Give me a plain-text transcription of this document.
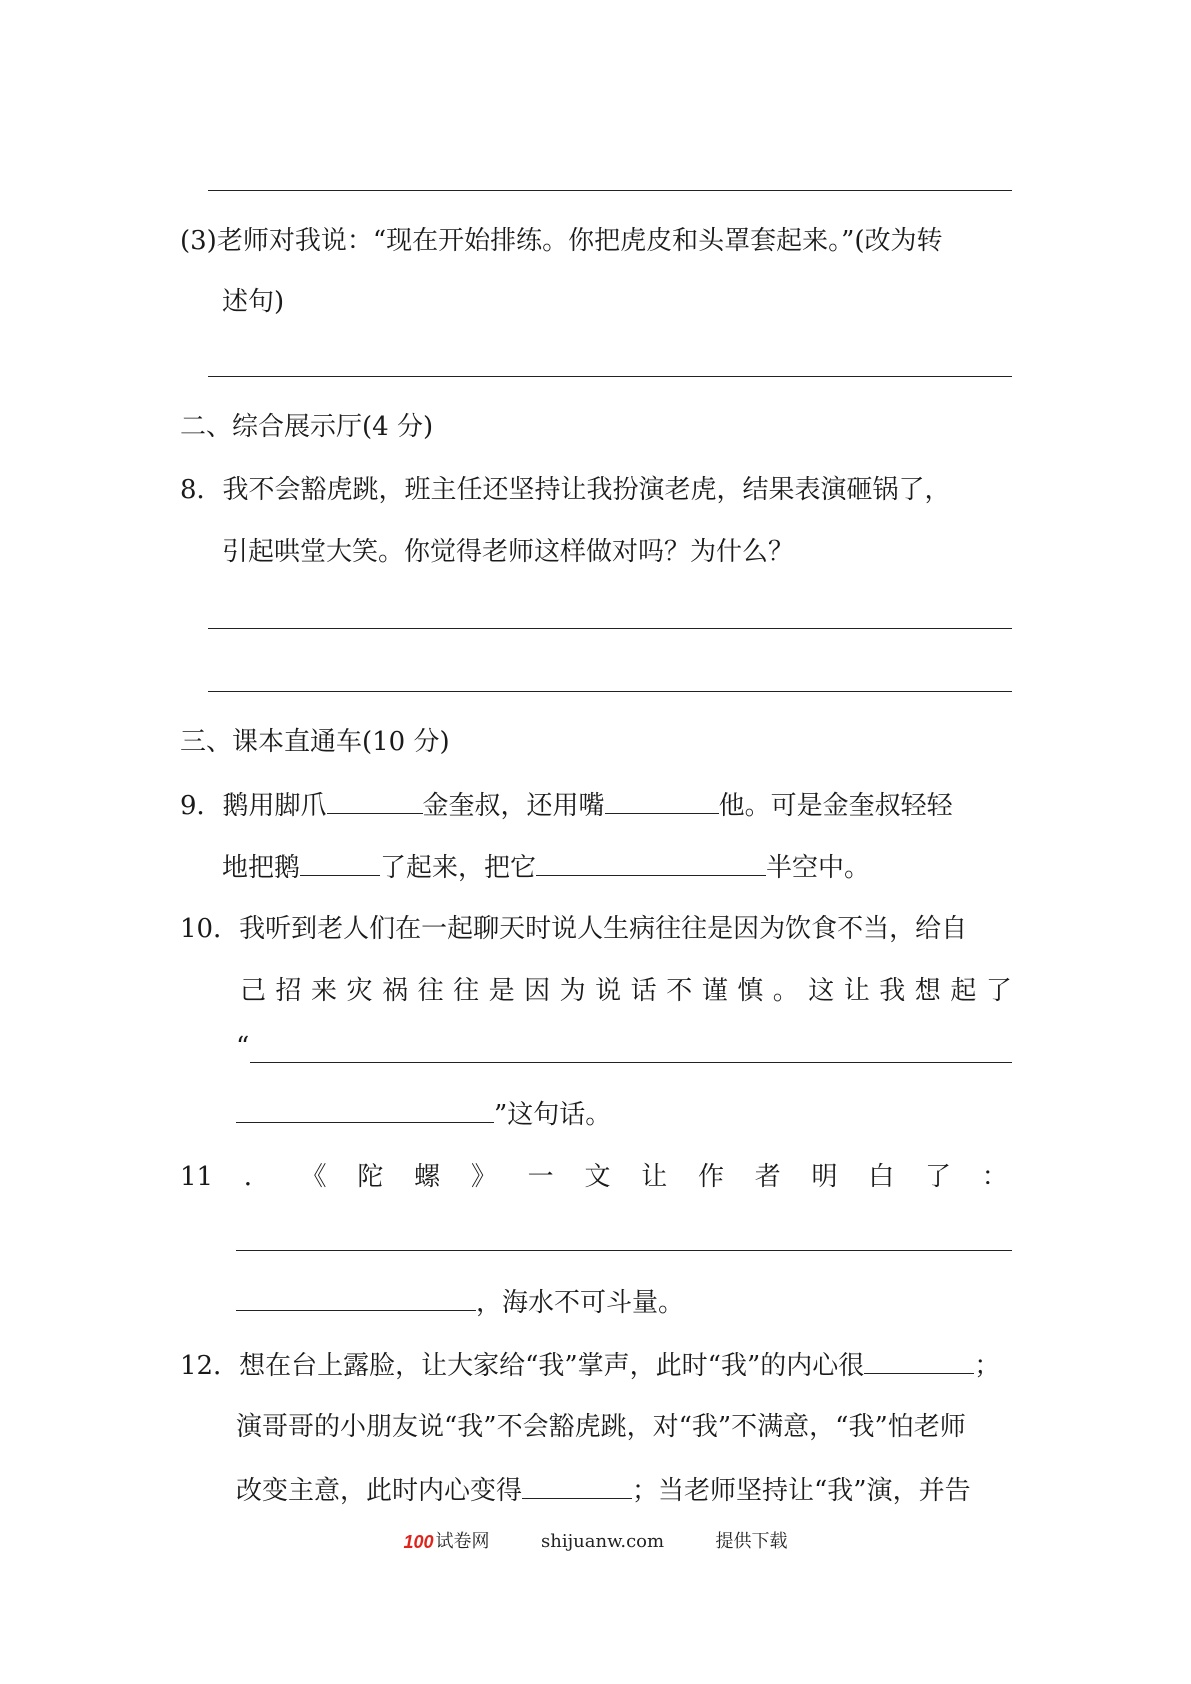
(3)老师对我说：“现在开始排练。你把虎皮和头罩套起来。”(改为转
述句)
二、综合展示厅(4 分)
8．我不会豁虎跳，班主任还坚持让我扮演老虎，结果表演砸锅了，
引起哄堂大笑。你觉得老师这样做对吗？为什么？
三、课本直通车(10 分)
9．鹅用脚爪	金奎叔，还用嘴	他。可是金奎叔轻轻
地把鹅	了起来，把它	半空中。
10．我听到老人们在一起聊天时说人生病往往是因为饮食不当，给自
己 招 来 灾 祸 往 往 是 因 为 说 话 不 谨 慎 。 这 让 我 想 起 了
“
”这句话。
11 ． 《 陀 螺 》 一 文 让 作 者 明 白 了 ：
，海水不可斗量。
12．想在台上露脸，让大家给“我”掌声，此时“我”的内心很	；
演哥哥的小朋友说“我”不会豁虎跳，对“我”不满意，“我”怕老师
改变主意，此时内心变得	；当老师坚持让“我”演，并告
100 试卷网	shijuanw.com	提供下载
